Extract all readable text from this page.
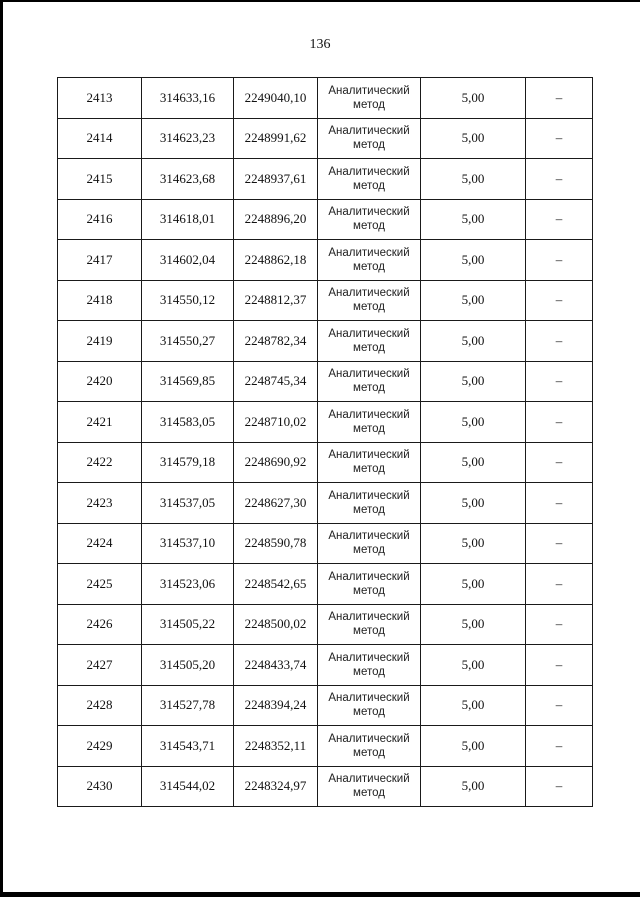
136
2413	314633,16	2249040,10	Аналитический метод	5,00	–
2414	314623,23	2248991,62	Аналитический метод	5,00	–
2415	314623,68	2248937,61	Аналитический метод	5,00	–
2416	314618,01	2248896,20	Аналитический метод	5,00	–
2417	314602,04	2248862,18	Аналитический метод	5,00	–
2418	314550,12	2248812,37	Аналитический метод	5,00	–
2419	314550,27	2248782,34	Аналитический метод	5,00	–
2420	314569,85	2248745,34	Аналитический метод	5,00	–
2421	314583,05	2248710,02	Аналитический метод	5,00	–
2422	314579,18	2248690,92	Аналитический метод	5,00	–
2423	314537,05	2248627,30	Аналитический метод	5,00	–
2424	314537,10	2248590,78	Аналитический метод	5,00	–
2425	314523,06	2248542,65	Аналитический метод	5,00	–
2426	314505,22	2248500,02	Аналитический метод	5,00	–
2427	314505,20	2248433,74	Аналитический метод	5,00	–
2428	314527,78	2248394,24	Аналитический метод	5,00	–
2429	314543,71	2248352,11	Аналитический метод	5,00	–
2430	314544,02	2248324,97	Аналитический метод	5,00	–
